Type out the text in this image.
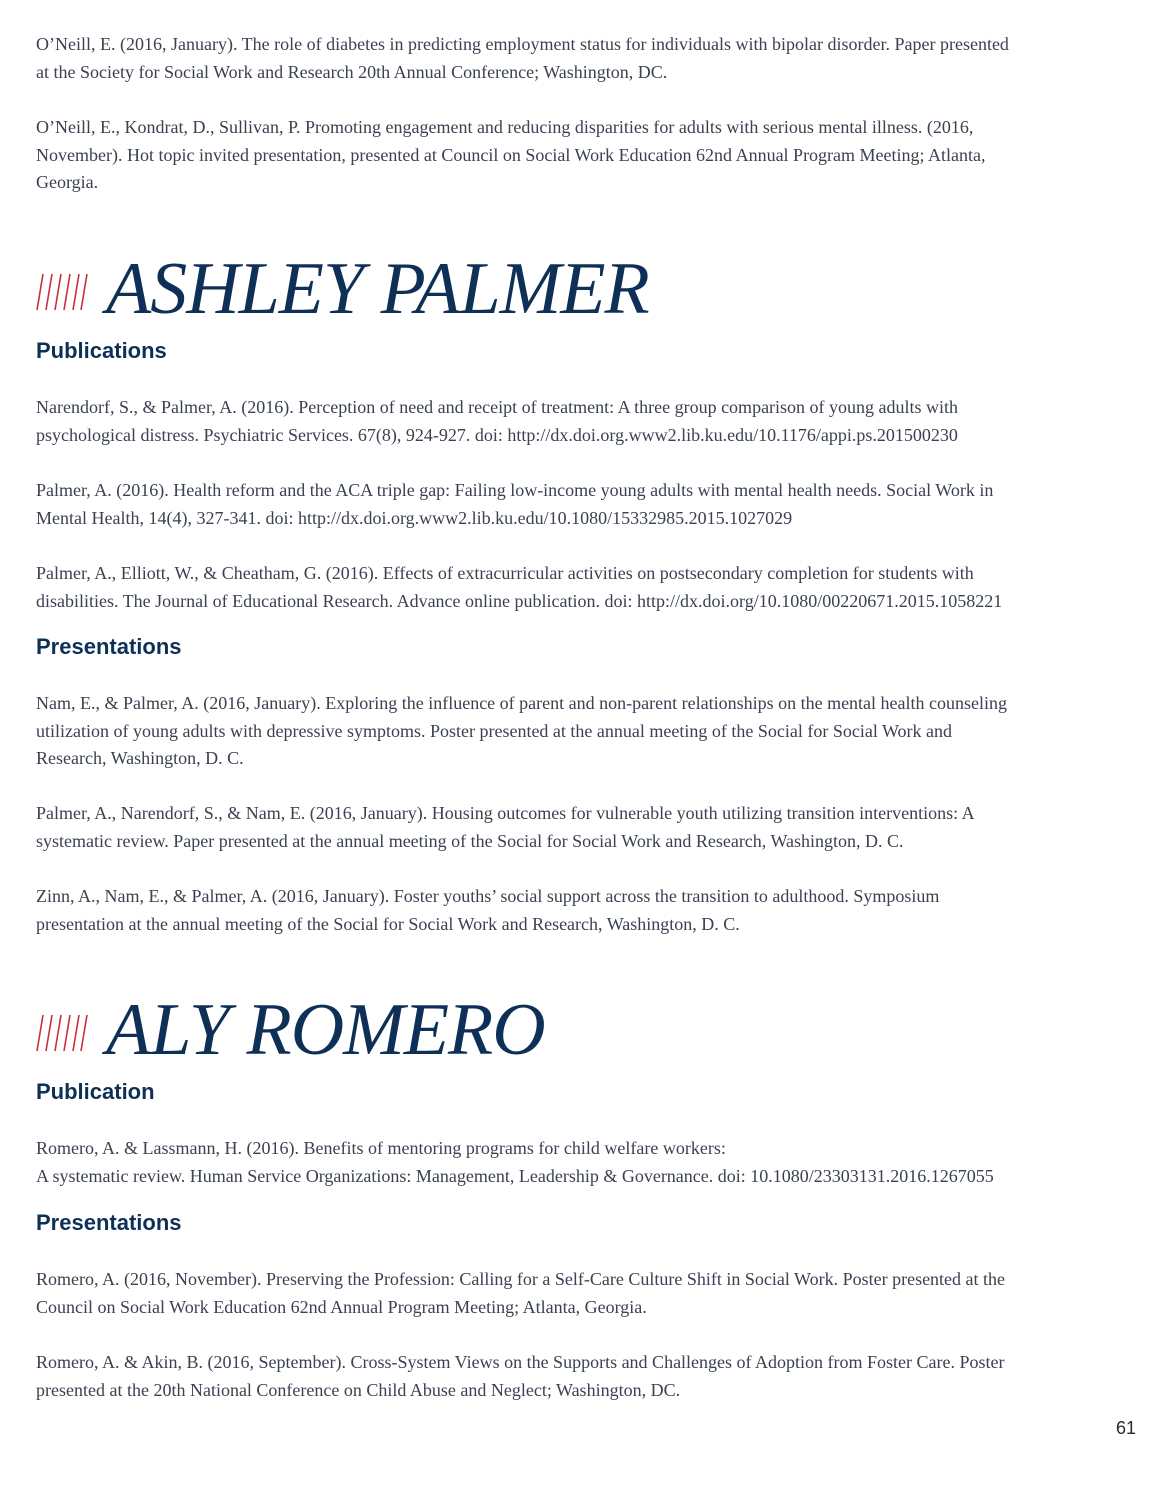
O’Neill, E. (2016, January). The role of diabetes in predicting employment status for individuals with bipolar disorder. Paper presented
at the Society for Social Work and Research 20th Annual Conference; Washington, DC.

O’Neill, E., Kondrat, D., Sullivan, P. Promoting engagement and reducing disparities for adults with serious mental illness. (2016,
November). Hot topic invited presentation, presented at Council on Social Work Education 62nd Annual Program Meeting; Atlanta,
Georgia.

ASHLEY PALMER
Publications

Narendorf, S., & Palmer, A. (2016). Perception of need and receipt of treatment: A three group comparison of young adults with
psychological distress. Psychiatric Services. 67(8), 924-927. doi: http://dx.doi.org.www2.lib.ku.edu/10.1176/appi.ps.201500230

Palmer, A. (2016). Health reform and the ACA triple gap: Failing low-income young adults with mental health needs. Social Work in
Mental Health, 14(4), 327-341. doi: http://dx.doi.org.www2.lib.ku.edu/10.1080/15332985.2015.1027029

Palmer, A., Elliott, W., & Cheatham, G. (2016). Effects of extracurricular activities on postsecondary completion for students with
disabilities. The Journal of Educational Research. Advance online publication. doi: http://dx.doi.org/10.1080/00220671.2015.1058221

Presentations

Nam, E., & Palmer, A. (2016, January). Exploring the influence of parent and non-parent relationships on the mental health counseling
utilization of young adults with depressive symptoms. Poster presented at the annual meeting of the Social for Social Work and
Research, Washington, D. C.

Palmer, A., Narendorf, S., & Nam, E. (2016, January). Housing outcomes for vulnerable youth utilizing transition interventions: A
systematic review. Paper presented at the annual meeting of the Social for Social Work and Research, Washington, D. C.

Zinn, A., Nam, E., & Palmer, A. (2016, January). Foster youths’ social support across the transition to adulthood. Symposium
presentation at the annual meeting of the Social for Social Work and Research, Washington, D. C.

ALY ROMERO
Publication

Romero, A. & Lassmann, H. (2016). Benefits of mentoring programs for child welfare workers:
A systematic review. Human Service Organizations: Management, Leadership & Governance. doi: 10.1080/23303131.2016.1267055

Presentations

Romero, A. (2016, November). Preserving the Profession: Calling for a Self-Care Culture Shift in Social Work. Poster presented at the
Council on Social Work Education 62nd Annual Program Meeting; Atlanta, Georgia.

Romero, A. & Akin, B. (2016, September). Cross-System Views on the Supports and Challenges of Adoption from Foster Care. Poster
presented at the 20th National Conference on Child Abuse and Neglect; Washington, DC.

61
